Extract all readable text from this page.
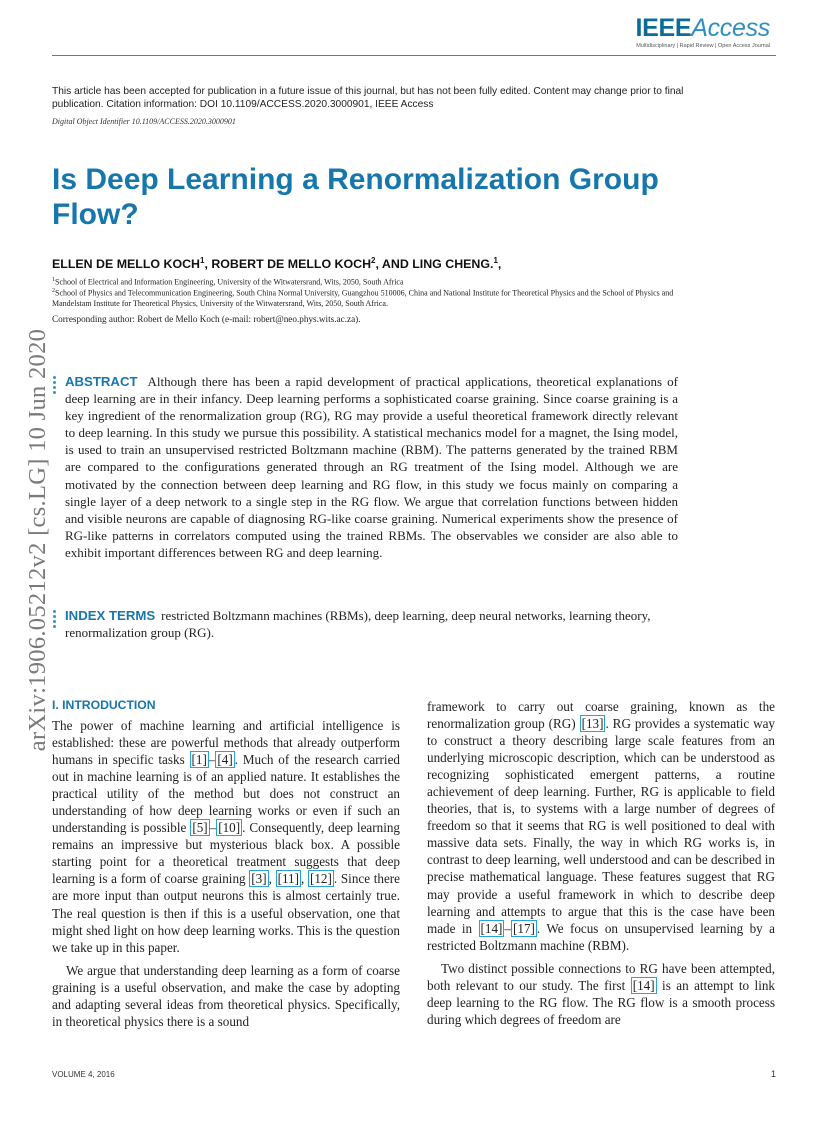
IEEEAccess
Multidisciplinary | Rapid Review | Open Access Journal
This article has been accepted for publication in a future issue of this journal, but has not been fully edited. Content may change prior to final publication. Citation information: DOI 10.1109/ACCESS.2020.3000901, IEEE Access
Digital Object Identifier 10.1109/ACCESS.2020.3000901
Is Deep Learning a Renormalization Group Flow?
ELLEN DE MELLO KOCH$^1$, ROBERT DE MELLO KOCH$^2$, AND LING CHENG.$^1$,
$^1$School of Electrical and Information Engineering, University of the Witwatersrand, Wits, 2050, South Africa
$^2$School of Physics and Telecommunication Engineering, South China Normal University, Guangzhou 510006, China and National Institute for Theoretical Physics and the School of Physics and Mandelstam Institute for Theoretical Physics, University of the Witwatersrand, Wits, 2050, South Africa.
Corresponding author: Robert de Mello Koch (e-mail: robert@neo.phys.wits.ac.za).
arXiv:1906.05212v2 [cs.LG] 10 Jun 2020 ABSTRACT Although there has been a rapid development of practical applications, theoretical explanations of deep learning are in their infancy. Deep learning performs a sophisticated coarse graining. Since coarse graining is a key ingredient of the renormalization group (RG), RG may provide a useful theoretical framework directly relevant to deep learning. In this study we pursue this possibility. A statistical mechanics model for a magnet, the Ising model, is used to train an unsupervised restricted Boltzmann machine (RBM). The patterns generated by the trained RBM are compared to the configurations generated through an RG treatment of the Ising model. Although we are motivated by the connection between deep learning and RG flow, in this study we focus mainly on comparing a single layer of a deep network to a single step in the RG flow. We argue that correlation functions between hidden and visible neurons are capable of diagnosing RG-like coarse graining. Numerical experiments show the presence of RG-like patterns in correlators computed using the trained RBMs. The observables we consider are also able to exhibit important differences between RG and deep learning.

INDEX TERMS restricted Boltzmann machines (RBMs), deep learning, deep neural networks, learning theory, renormalization group (RG).

I. INTRODUCTION

The power of machine learning and artificial intelligence is established: these are powerful methods that already outperform humans in specific tasks [1] – [4] . Much of the research carried out in machine learning is of an applied nature. It establishes the practical utility of the method but does not construct an understanding of how deep learning works or even if such an understanding is possible [5] – [10] . Consequently, deep learning remains an impressive but mysterious black box. A possible starting point for a theoretical treatment suggests that deep learning is a form of coarse graining [3] , [11] , [12] . Since there are more input than output neurons this is almost certainly true. The real question is then if this is a useful observation, one that might shed light on how deep learning works. This is the question we take up in this paper.

We argue that understanding deep learning as a form of coarse graining is a useful observation, and make the case by adopting and adapting several ideas from theoretical physics. Specifically, in theoretical physics there is a sound

framework to carry out coarse graining, known as the renormalization group (RG) [13] . RG provides a systematic way to construct a theory describing large scale features from an underlying microscopic description, which can be understood as recognizing sophisticated emergent patterns, a routine achievement of deep learning. Further, RG is applicable to field theories, that is, to systems with a large number of degrees of freedom so that it seems that RG is well positioned to deal with massive data sets. Finally, the way in which RG works is, in contrast to deep learning, well understood and can be described in precise mathematical language. These features suggest that RG may provide a useful framework in which to describe deep learning and attempts to argue that this is the case have been made in [14] – [17] . We focus on unsupervised learning by a restricted Boltzmann machine (RBM).

Two distinct possible connections to RG have been attempted, both relevant to our study. The first [14] is an attempt to link deep learning to the RG flow. The RG flow is a smooth process during which degrees of freedom are

VOLUME 4, 2016	1
